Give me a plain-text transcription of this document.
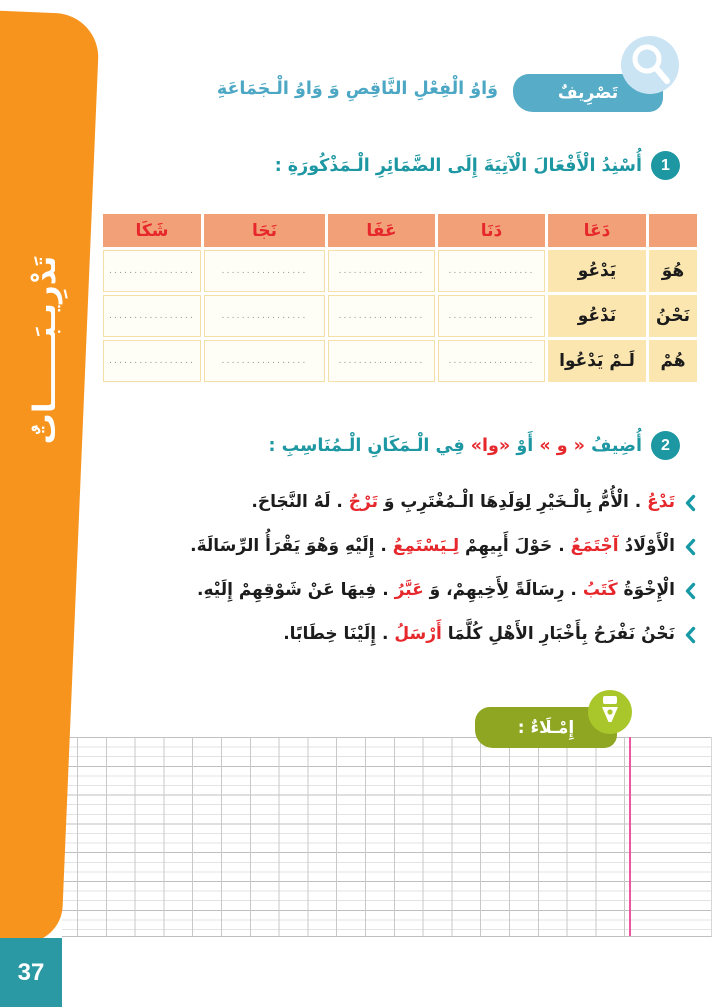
تَدْرِيـبَــــــاتٌ
37
تَصْرِيفٌ
وَاوُ الْفِعْلِ النَّاقِصِ وَ وَاوُ الْـجَمَاعَةِ
1
أُسْنِدُ الْأَفْعَالَ الْآتِيَةَ إِلَى الضَّمَائِرِ الْـمَذْكُورَةِ :
	دَعَا	دَنَا	عَفَا	نَجَا	شَكَا
هُوَ	يَدْعُو	.................	.................	.................	.................
نَحْنُ	نَدْعُو	.................	.................	.................	.................
هُمْ	لَـمْ يَدْعُوا	.................	.................	.................	.................
2
أُضِيفُ « و » أَوْ «وا» فِي الْـمَكَانِ الْـمُنَاسِبِ :
تَدْعُ . الْأُمُّ بِالْـخَيْرِ لِوَلَدِهَا الْـمُغْتَرِبِ وَ تَرْجُ . لَهُ النَّجَاحَ.
الْأَوْلَادُ آجْتَمَعُ . حَوْلَ أَبِيهِمْ لِـيَسْتَمِعُ . إِلَيْهِ وَهْوَ يَقْرَأُ الرِّسَالَةَ.
الْإِخْوَةُ كَتَبُ . رِسَالَةً لِأَخِيهِمْ، وَ عَبَّرُ . فِيهَا عَنْ شَوْقِهِمْ إِلَيْهِ.
نَحْنُ نَفْرَحُ بِأَخْبَارِ الأَهْلِ كُلَّمَا أَرْسَلُ . إِلَيْنَا خِطَابًا.
إِمْـلَاءٌ :
